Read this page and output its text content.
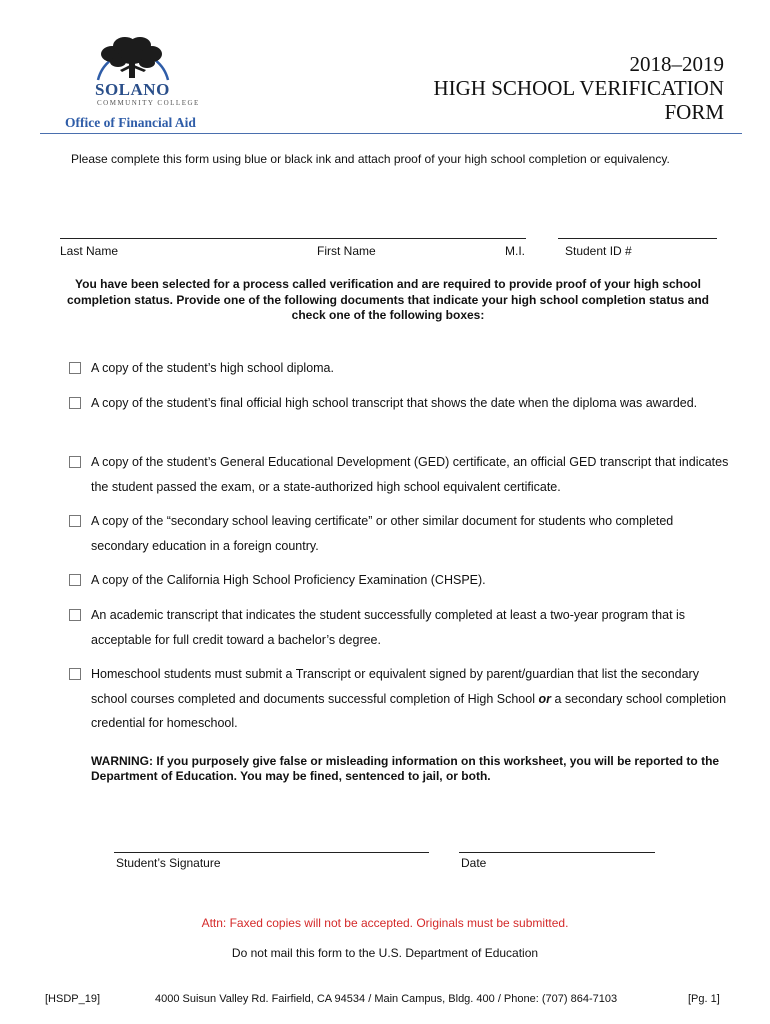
SOLANO
COMMUNITY COLLEGE
Office of Financial Aid
2018–2019
HIGH SCHOOL VERIFICATION
FORM
Please complete this form using blue or black ink and attach proof of your high school completion or equivalency.
Last Name	First Name	M.I.	Student ID #
You have been selected for a process called verification and are required to provide proof of your high school completion status. Provide one of the following documents that indicate your high school completion status and check one of the following boxes:
A copy of the student’s high school diploma.
A copy of the student’s final official high school transcript that shows the date when the diploma was awarded.
A copy of the student’s General Educational Development (GED) certificate, an official GED transcript that indicates the student passed the exam, or a state-authorized high school equivalent certificate.
A copy of the “secondary school leaving certificate” or other similar document for students who completed secondary education in a foreign country.
A copy of the California High School Proficiency Examination (CHSPE).
An academic transcript that indicates the student successfully completed at least a two-year program that is acceptable for full credit toward a bachelor’s degree.
Homeschool students must submit a Transcript or equivalent signed by parent/guardian that list the secondary school courses completed and documents successful completion of High School or a secondary school completion credential for homeschool.
WARNING: If you purposely give false or misleading information on this worksheet, you will be reported to the Department of Education. You may be fined, sentenced to jail, or both.
Student’s Signature	Date
Attn: Faxed copies will not be accepted. Originals must be submitted.
Do not mail this form to the U.S. Department of Education
[HSDP_19]	4000 Suisun Valley Rd. Fairfield, CA 94534 / Main Campus, Bldg. 400 / Phone: (707) 864-7103	[Pg. 1]
